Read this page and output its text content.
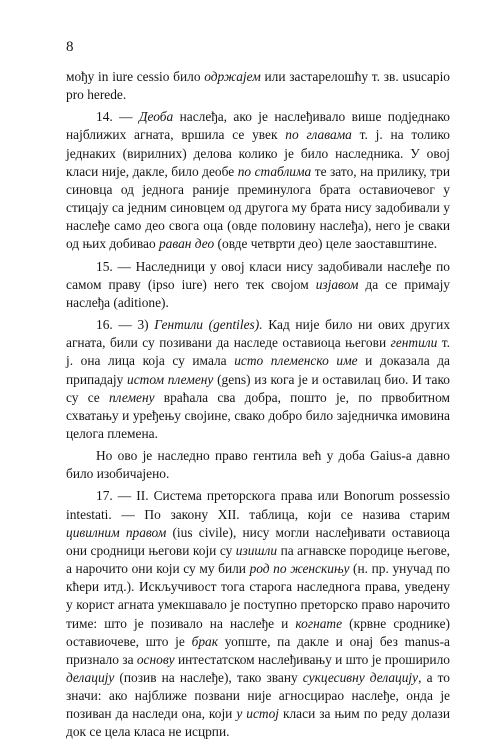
8

мођу in iure cessio било одржајем или застарелошћу т. зв. usucapio pro herede.

14. — Деоба наслеђа, ако је наслеђивало више подједнако најближих агната, вршила се увек по главама т. ј. на толико једнаких (вирилних) делова колико је било наследника. У овој класи није, дакле, било деобе по стаблима те зато, на прилику, три синовца од једнога раније преминулога брата оставиочевог у стицају са једним синовцем од другога му брата нису задобивали у наслеђе само део свога оца (овде половину наслеђа), него је сваки од њих добивао раван део (овде четврти део) целе заоставштине.

15. — Наследници у овој класи нису задобивали наслеђе по самом праву (ipso iure) него тек својом изјавом да се примају наслеђа (aditione).

16. — 3) Гентили (gentiles). Кад није било ни ових других агната, били су позивани да наследе оставиоца његови гентили т. ј. она лица која су имала исто племенско име и доказала да припадају истом племену (gens) из кога је и оставилац био. И тако су се племену враћала сва добра, пошто је, по првобитном схватању и уређењу својине, свако добро било заједничка имовина целога племена.

Но ово је наследно право гентила већ у доба Gaius-а давно било изобичајено.

17. — II. Система преторскога права или Bonorum possessio intestati. — По закону XII. таблица, који се назива старим цивилним правом (ius civile), нису могли наслеђивати оставиоца они сродници његови који су изишли па агнавске породице његове, а нарочито они који су му били род по женскињу (н. пр. унучад по кћери итд.). Искључивост тога старога наследнога права, уведену у корист агната умекшавало је поступно преторско право нарочито тиме: што је позивало на наслеђе и когнате (крвне сроднике) оставиочеве, што је брак уопште, па дакле и онај без manus-а признало за основу интестатском наслеђивању и што је проширило делацију (позив на наслеђе), тако звану сукцесивну делацију, а то значи: ако најближе позвани није агносцирао наслеђе, онда је позиван да наследи она, који у истој класи за њим по реду долази док се цела класа не исцрпи.
